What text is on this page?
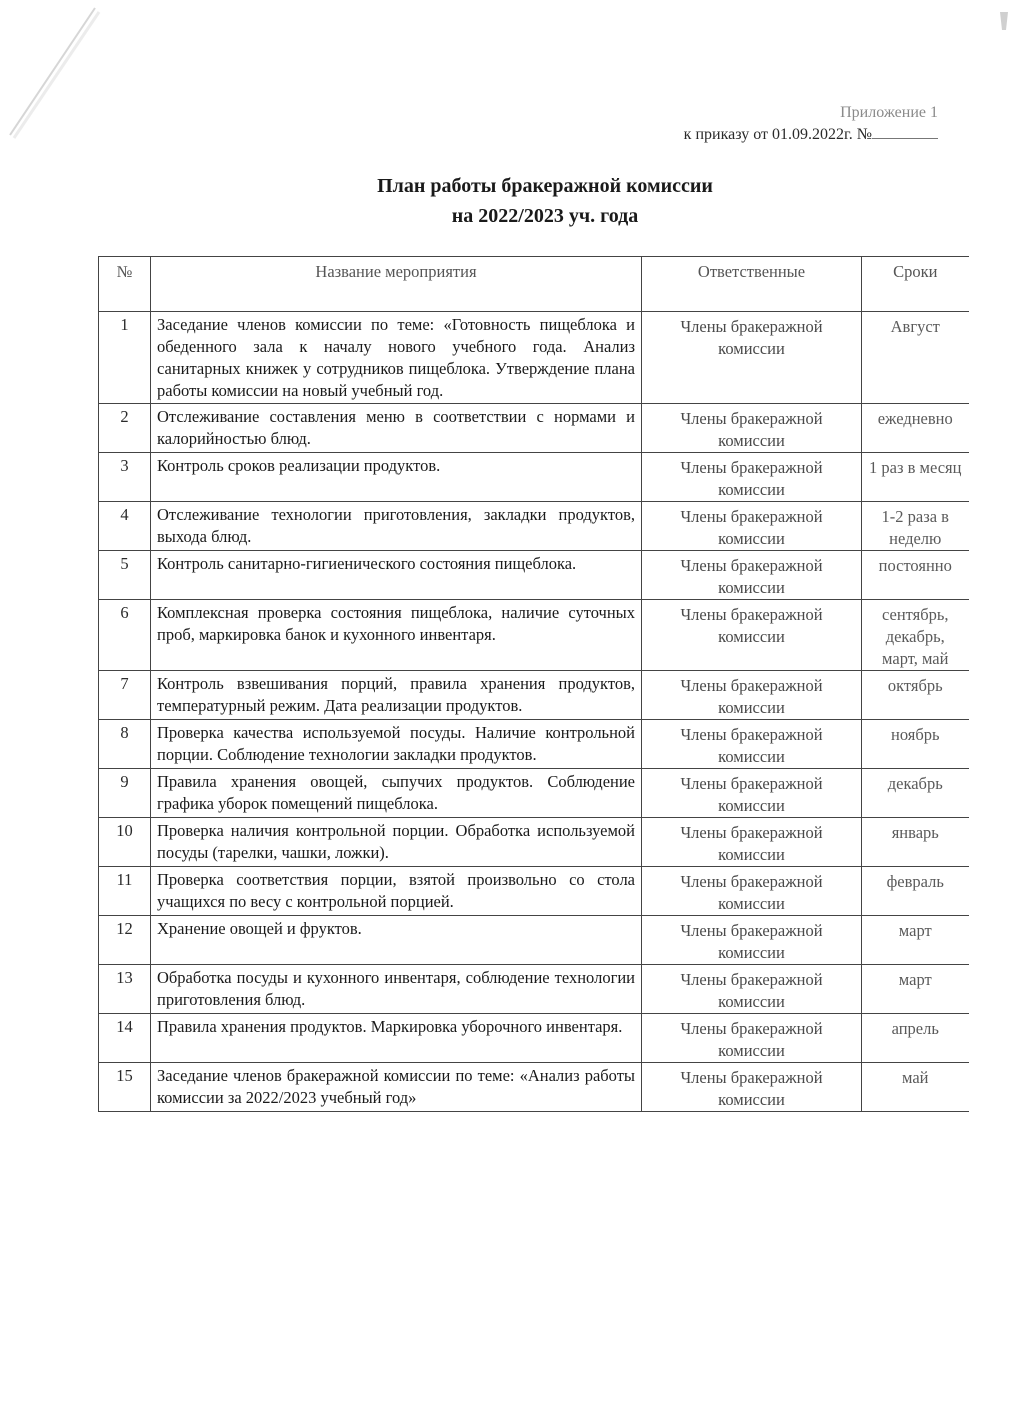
Приложение 1
к приказу от 01.09.2022г. №
План работы бракеражной комиссии
на 2022/2023 уч. года
№	Название мероприятия	Ответственные	Сроки
1	Заседание членов комиссии по теме: «Готовность пищеблока и обеденного зала к началу нового учебного года. Анализ санитарных книжек у сотрудников пищеблока. Утверждение плана работы комиссии на новый учебный год.	Члены бракеражной комиссии	Август
2	Отслеживание составления меню в соответствии с нормами и калорийностью блюд.	Члены бракеражной комиссии	ежедневно
3	Контроль сроков реализации продуктов.	Члены бракеражной комиссии	1 раз в месяц
4	Отслеживание технологии приготовления, закладки продуктов, выхода блюд.	Члены бракеражной комиссии	1-2 раза в неделю
5	Контроль санитарно-гигиенического состояния пищеблока.	Члены бракеражной комиссии	постоянно
6	Комплексная проверка состояния пищеблока, наличие суточных проб, маркировка банок и кухонного инвентаря.	Члены бракеражной комиссии	сентябрь, декабрь, март, май
7	Контроль взвешивания порций, правила хранения продуктов, температурный режим. Дата реализации продуктов.	Члены бракеражной комиссии	октябрь
8	Проверка качества используемой посуды. Наличие контрольной порции. Соблюдение технологии закладки продуктов.	Члены бракеражной комиссии	ноябрь
9	Правила хранения овощей, сыпучих продуктов. Соблюдение графика уборок помещений пищеблока.	Члены бракеражной комиссии	декабрь
10	Проверка наличия контрольной порции. Обработка используемой посуды (тарелки, чашки, ложки).	Члены бракеражной комиссии	январь
11	Проверка соответствия порции, взятой произвольно со стола учащихся по весу с контрольной порцией.	Члены бракеражной комиссии	февраль
12	Хранение овощей и фруктов.	Члены бракеражной комиссии	март
13	Обработка посуды и кухонного инвентаря, соблюдение технологии приготовления блюд.	Члены бракеражной комиссии	март
14	Правила хранения продуктов. Маркировка уборочного инвентаря.	Члены бракеражной комиссии	апрель
15	Заседание членов бракеражной комиссии по теме: «Анализ работы комиссии за 2022/2023 учебный год»	Члены бракеражной комиссии	май
